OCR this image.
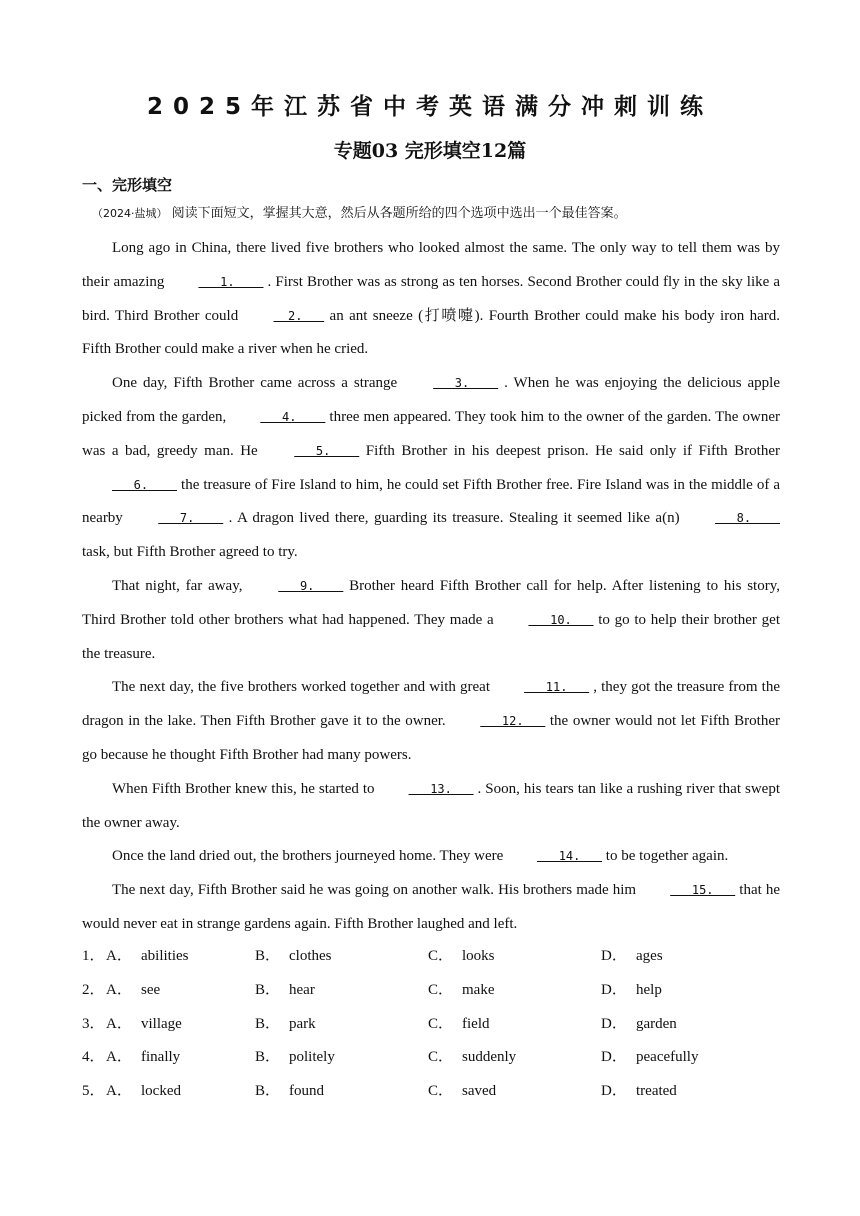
2025年江苏省中考英语满分冲刺训练
专题03 完形填空12篇
一、完形填空
（2024·盐城） 阅读下面短文，掌握其大意，然后从各题所给的四个选项中选出一个最佳答案。

Long ago in China, there lived five brothers who looked almost the same. The only way to tell them was by their amazing	1.     . First Brother was as strong as ten horses. Second Brother could fly in the sky like a bird. Third Brother could	2.    an ant sneeze (打喷嚏). Fourth Brother could make his body iron hard. Fifth Brother could make a river when he cried.

One day, Fifth Brother came across a strange	3.     . When he was enjoying the delicious apple picked from the garden,	4.     three men appeared. They took him to the owner of the garden. The owner was a bad, greedy man. He	5.     Fifth Brother in his deepest prison. He said only if Fifth Brother    6.     the treasure of Fire Island to him, he could set Fifth Brother free. Fire Island was in the middle of a nearby	7.     . A dragon lived there, guarding its treasure. Stealing it seemed like a(n)	8.     task, but Fifth Brother agreed to try.

That night, far away,	9.     Brother heard Fifth Brother call for help. After listening to his story, Third Brother told other brothers what had happened. They made a	10.    to go to help their brother get the treasure.

The next day, the five brothers worked together and with great	11.    , they got the treasure from the dragon in the lake. Then Fifth Brother gave it to the owner.	12.    the owner would not let Fifth Brother go because he thought Fifth Brother had many powers.

When Fifth Brother knew this, he started to	13.    . Soon, his tears tan like a rushing river that swept the owner away.

Once the land dried out, the brothers journeyed home. They were	14.    to be together again.

The next day, Fifth Brother said he was going on another walk. His brothers made him	15.    that he would never eat in strange gardens again. Fifth Brother laughed and left.

1． A． abilities	B． clothes	C． looks	D． ages
2． A． see	B． hear	C． make	D． help
3． A． village	B． park	C． field	D． garden
4． A． finally	B． politely	C． suddenly	D． peacefully
5． A． locked	B． found	C． saved	D． treated
